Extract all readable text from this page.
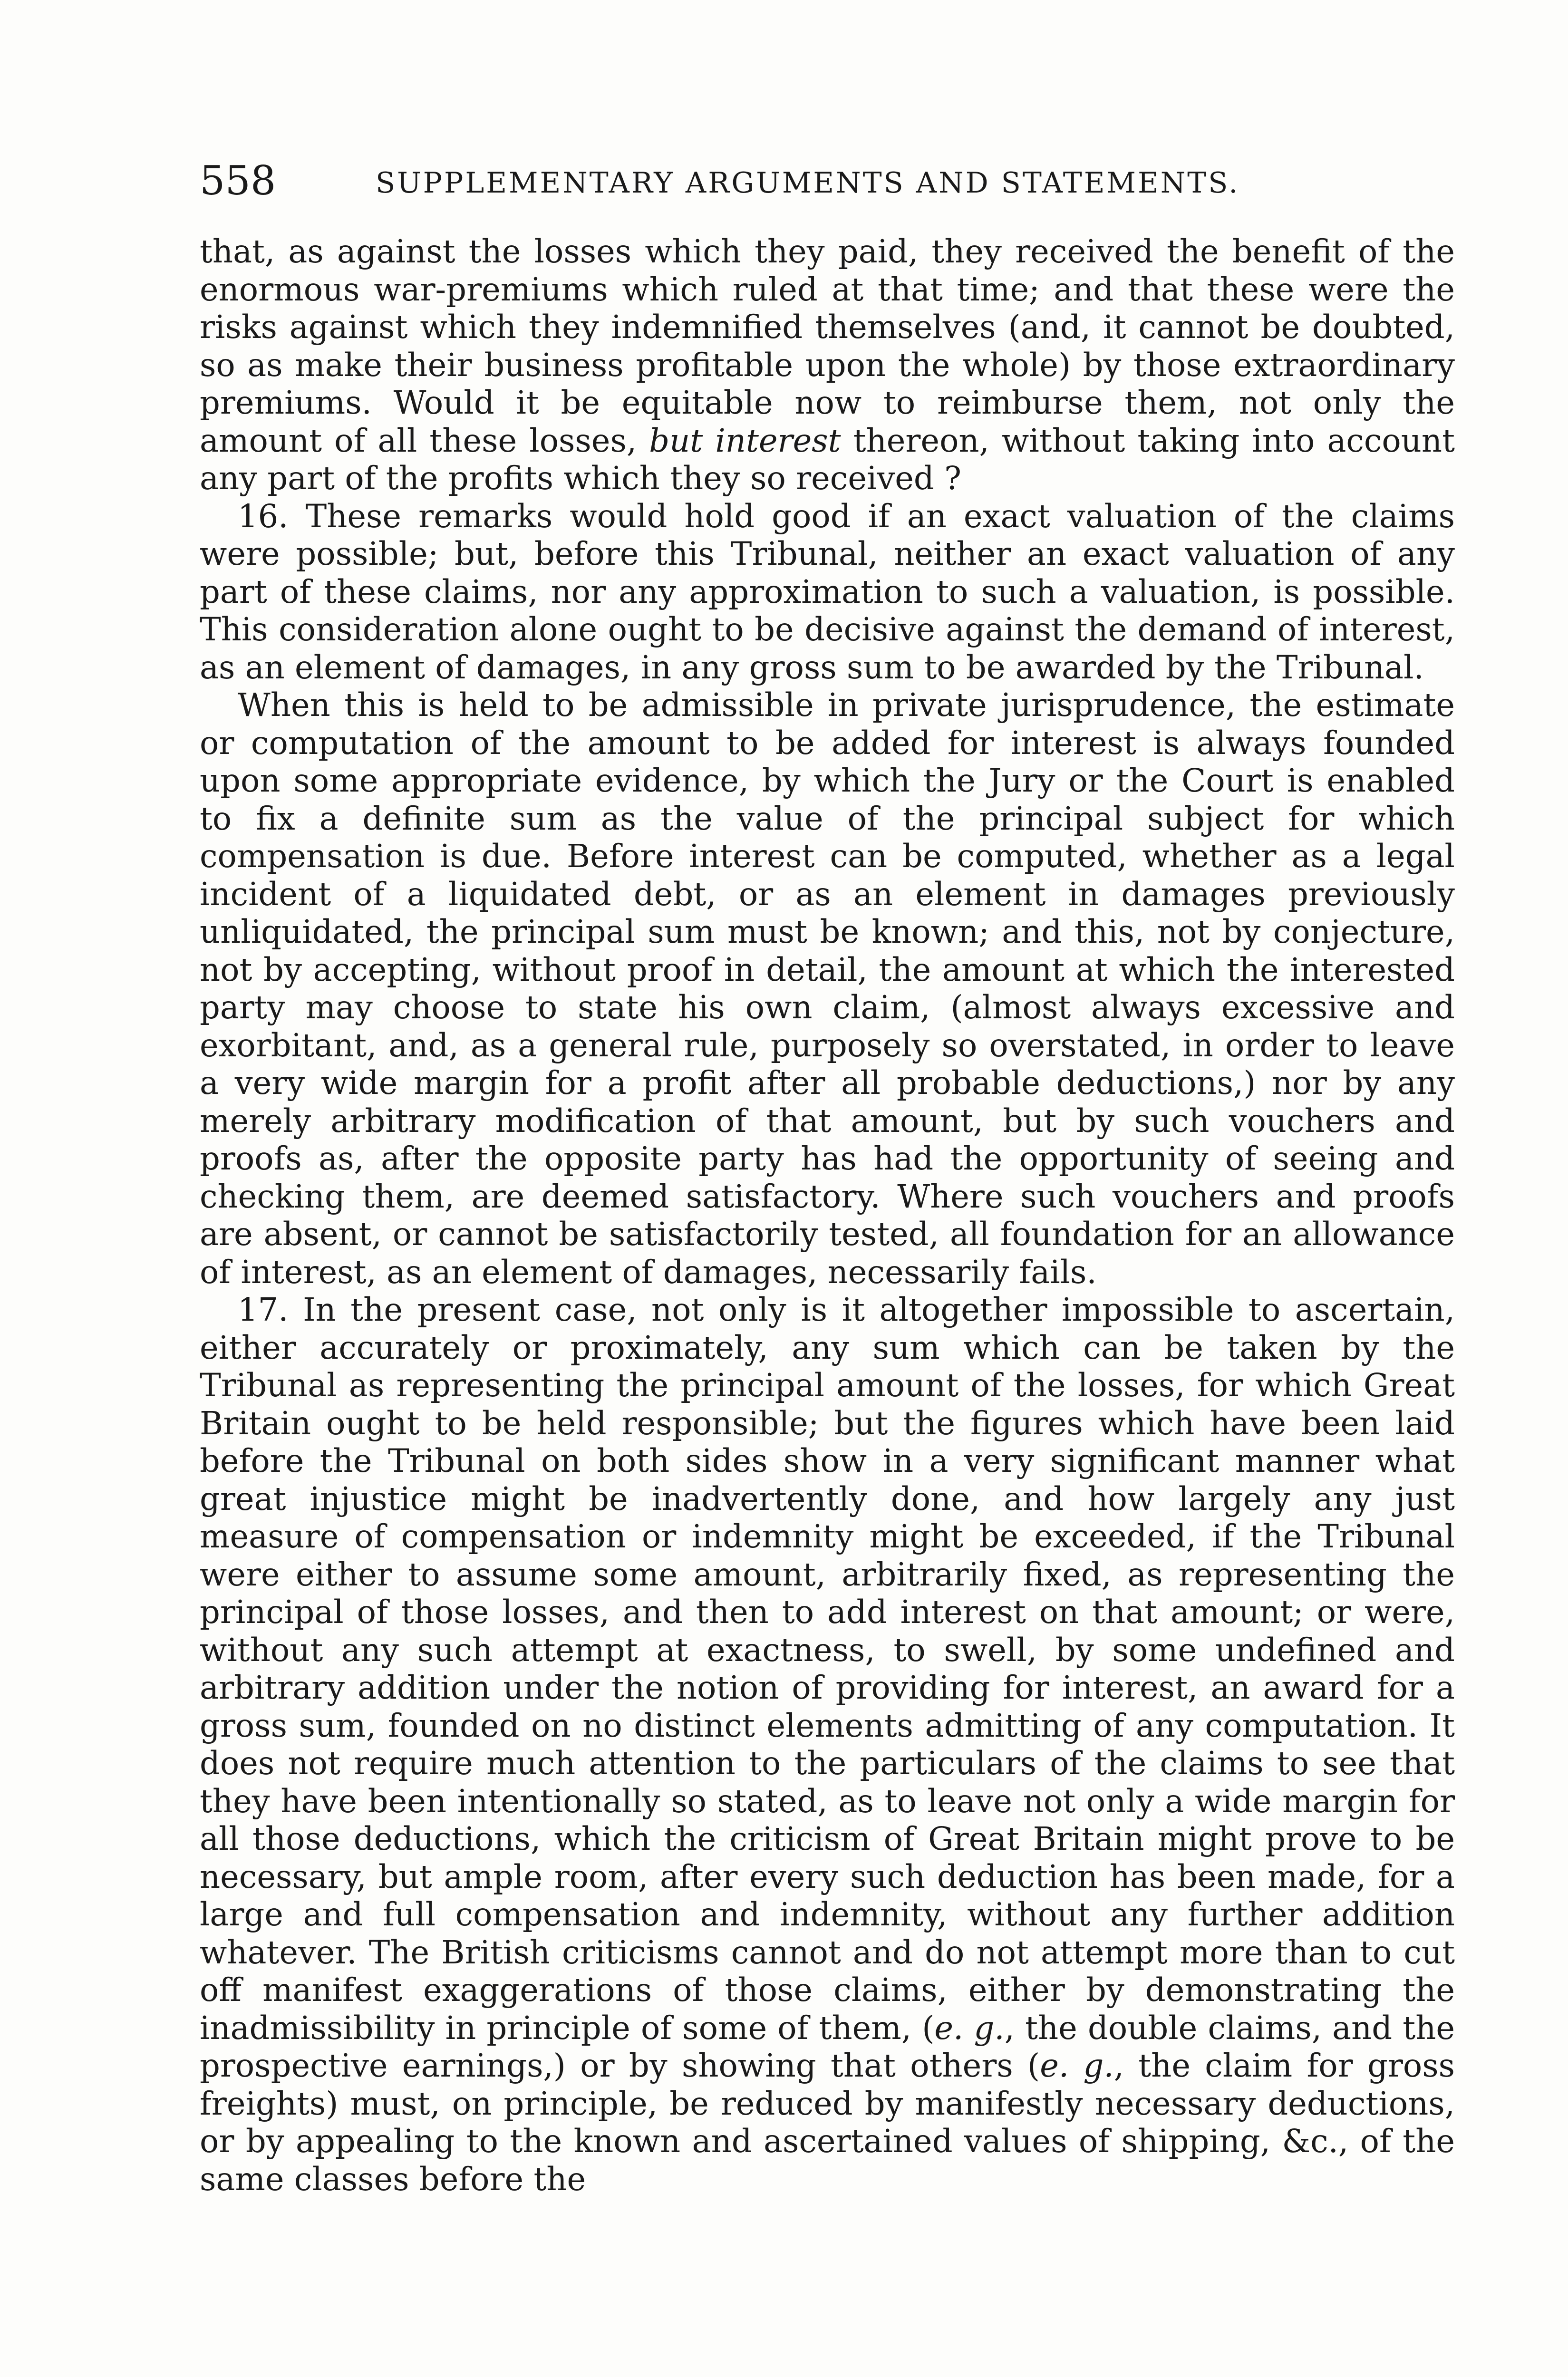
558	SUPPLEMENTARY ARGUMENTS AND STATEMENTS.

that, as against the losses which they paid, they received the benefit of the enormous war-premiums which ruled at that time; and that these were the risks against which they indemnified themselves (and, it cannot be doubted, so as make their business profitable upon the whole) by those extraordinary premiums. Would it be equitable now to reimburse them, not only the amount of all these losses, but interest thereon, without taking into account any part of the profits which they so received ?

16. These remarks would hold good if an exact valuation of the claims were possible; but, before this Tribunal, neither an exact valuation of any part of these claims, nor any approximation to such a valuation, is possible. This consideration alone ought to be decisive against the demand of interest, as an element of damages, in any gross sum to be awarded by the Tribunal.

When this is held to be admissible in private jurisprudence, the estimate or computation of the amount to be added for interest is always founded upon some appropriate evidence, by which the Jury or the Court is enabled to fix a definite sum as the value of the principal subject for which compensation is due. Before interest can be computed, whether as a legal incident of a liquidated debt, or as an element in damages previously unliquidated, the principal sum must be known; and this, not by conjecture, not by accepting, without proof in detail, the amount at which the interested party may choose to state his own claim, (almost always excessive and exorbitant, and, as a general rule, purposely so overstated, in order to leave a very wide margin for a profit after all probable deductions,) nor by any merely arbitrary modification of that amount, but by such vouchers and proofs as, after the opposite party has had the opportunity of seeing and checking them, are deemed satisfactory. Where such vouchers and proofs are absent, or cannot be satisfactorily tested, all foundation for an allowance of interest, as an element of damages, necessarily fails.

17. In the present case, not only is it altogether impossible to ascertain, either accurately or proximately, any sum which can be taken by the Tribunal as representing the principal amount of the losses, for which Great Britain ought to be held responsible; but the figures which have been laid before the Tribunal on both sides show in a very significant manner what great injustice might be inadvertently done, and how largely any just measure of compensation or indemnity might be exceeded, if the Tribunal were either to assume some amount, arbitrarily fixed, as representing the principal of those losses, and then to add interest on that amount; or were, without any such attempt at exactness, to swell, by some undefined and arbitrary addition under the notion of providing for interest, an award for a gross sum, founded on no distinct elements admitting of any computation. It does not require much attention to the particulars of the claims to see that they have been intentionally so stated, as to leave not only a wide margin for all those deductions, which the criticism of Great Britain might prove to be necessary, but ample room, after every such deduction has been made, for a large and full compensation and indemnity, without any further addition whatever. The British criticisms cannot and do not attempt more than to cut off manifest exaggerations of those claims, either by demonstrating the inadmissibility in principle of some of them, (e. g., the double claims, and the prospective earnings,) or by showing that others (e. g., the claim for gross freights) must, on principle, be reduced by manifestly necessary deductions, or by appealing to the known and ascertained values of shipping, &c., of the same classes before the
